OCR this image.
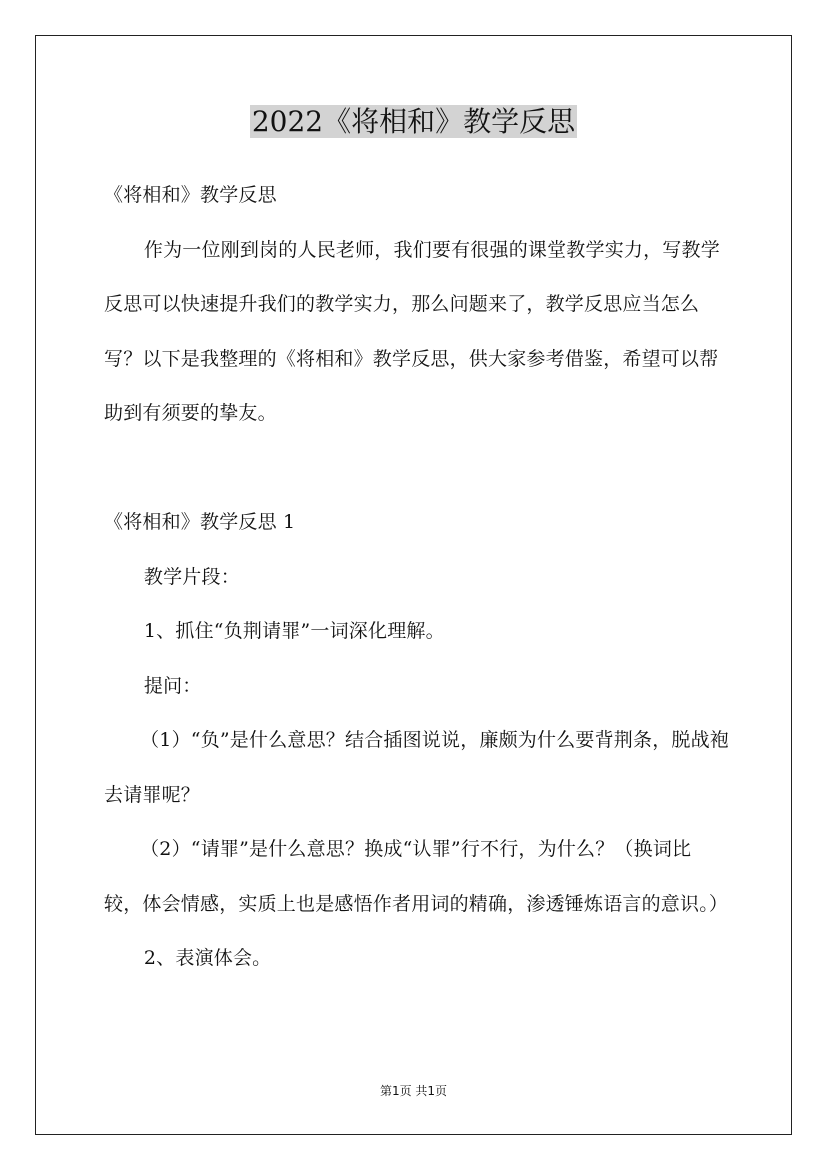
2022《将相和》教学反思

《将相和》教学反思

作为一位刚到岗的人民老师，我们要有很强的课堂教学实力，写教学反思可以快速提升我们的教学实力，那么问题来了，教学反思应当怎么写？以下是我整理的《将相和》教学反思，供大家参考借鉴，希望可以帮助到有须要的挚友。

《将相和》教学反思 1

教学片段：

1、抓住“负荆请罪”一词深化理解。

提问：

（1）“负”是什么意思？结合插图说说，廉颇为什么要背荆条，脱战袍去请罪呢？

（2）“请罪”是什么意思？换成“认罪”行不行，为什么？（换词比较，体会情感，实质上也是感悟作者用词的精确，渗透锤炼语言的意识。）

2、表演体会。

第1页 共1页
